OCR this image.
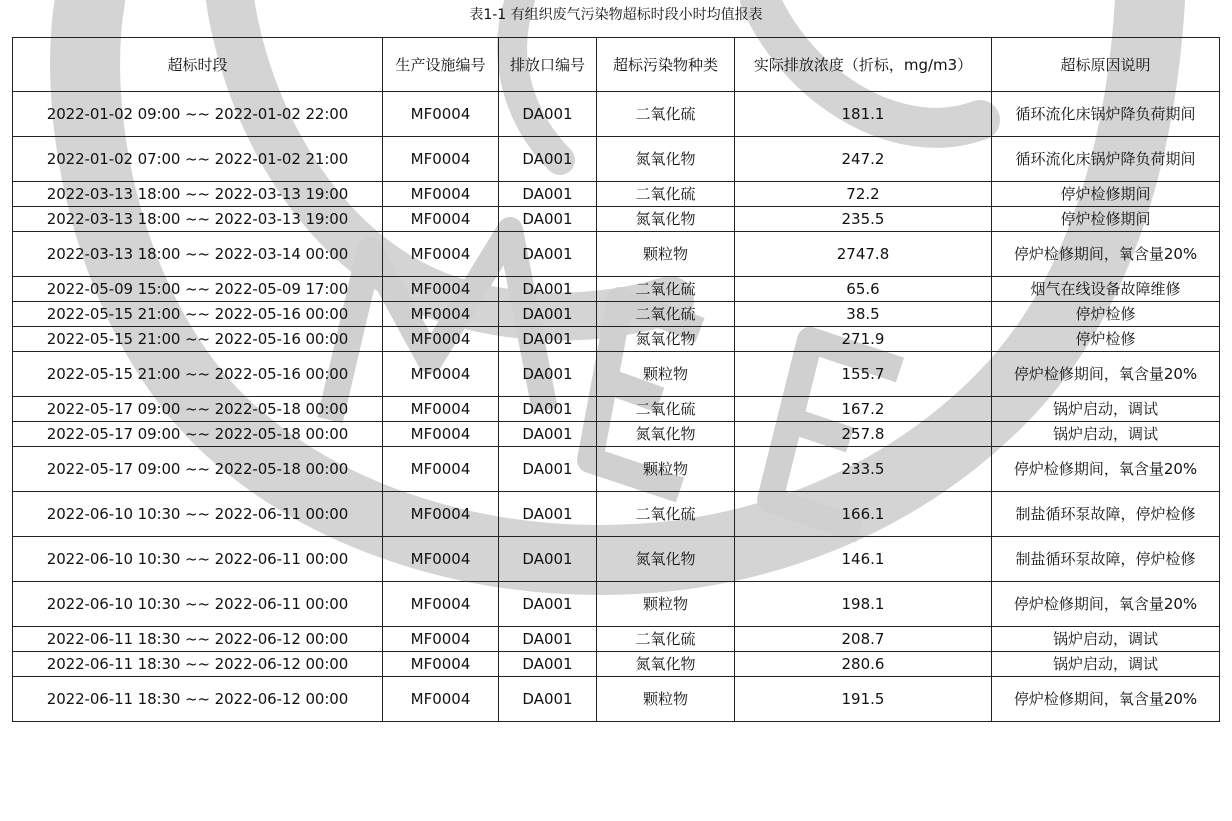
表1-1 有组织废气污染物超标时段小时均值报表
超标时段	生产设施编号	排放口编号	超标污染物种类	实际排放浓度（折标，mg/m3）	超标原因说明
2022-01-02 09:00 ~~ 2022-01-02 22:00	MF0004	DA001	二氧化硫	181.1	循环流化床锅炉降负荷期间
2022-01-02 07:00 ~~ 2022-01-02 21:00	MF0004	DA001	氮氧化物	247.2	循环流化床锅炉降负荷期间
2022-03-13 18:00 ~~ 2022-03-13 19:00	MF0004	DA001	二氧化硫	72.2	停炉检修期间
2022-03-13 18:00 ~~ 2022-03-13 19:00	MF0004	DA001	氮氧化物	235.5	停炉检修期间
2022-03-13 18:00 ~~ 2022-03-14 00:00	MF0004	DA001	颗粒物	2747.8	停炉检修期间，氧含量20%
2022-05-09 15:00 ~~ 2022-05-09 17:00	MF0004	DA001	二氧化硫	65.6	烟气在线设备故障维修
2022-05-15 21:00 ~~ 2022-05-16 00:00	MF0004	DA001	二氧化硫	38.5	停炉检修
2022-05-15 21:00 ~~ 2022-05-16 00:00	MF0004	DA001	氮氧化物	271.9	停炉检修
2022-05-15 21:00 ~~ 2022-05-16 00:00	MF0004	DA001	颗粒物	155.7	停炉检修期间，氧含量20%
2022-05-17 09:00 ~~ 2022-05-18 00:00	MF0004	DA001	二氧化硫	167.2	锅炉启动，调试
2022-05-17 09:00 ~~ 2022-05-18 00:00	MF0004	DA001	氮氧化物	257.8	锅炉启动，调试
2022-05-17 09:00 ~~ 2022-05-18 00:00	MF0004	DA001	颗粒物	233.5	停炉检修期间，氧含量20%
2022-06-10 10:30 ~~ 2022-06-11 00:00	MF0004	DA001	二氧化硫	166.1	制盐循环泵故障，停炉检修
2022-06-10 10:30 ~~ 2022-06-11 00:00	MF0004	DA001	氮氧化物	146.1	制盐循环泵故障，停炉检修
2022-06-10 10:30 ~~ 2022-06-11 00:00	MF0004	DA001	颗粒物	198.1	停炉检修期间，氧含量20%
2022-06-11 18:30 ~~ 2022-06-12 00:00	MF0004	DA001	二氧化硫	208.7	锅炉启动，调试
2022-06-11 18:30 ~~ 2022-06-12 00:00	MF0004	DA001	氮氧化物	280.6	锅炉启动，调试
2022-06-11 18:30 ~~ 2022-06-12 00:00	MF0004	DA001	颗粒物	191.5	停炉检修期间，氧含量20%
